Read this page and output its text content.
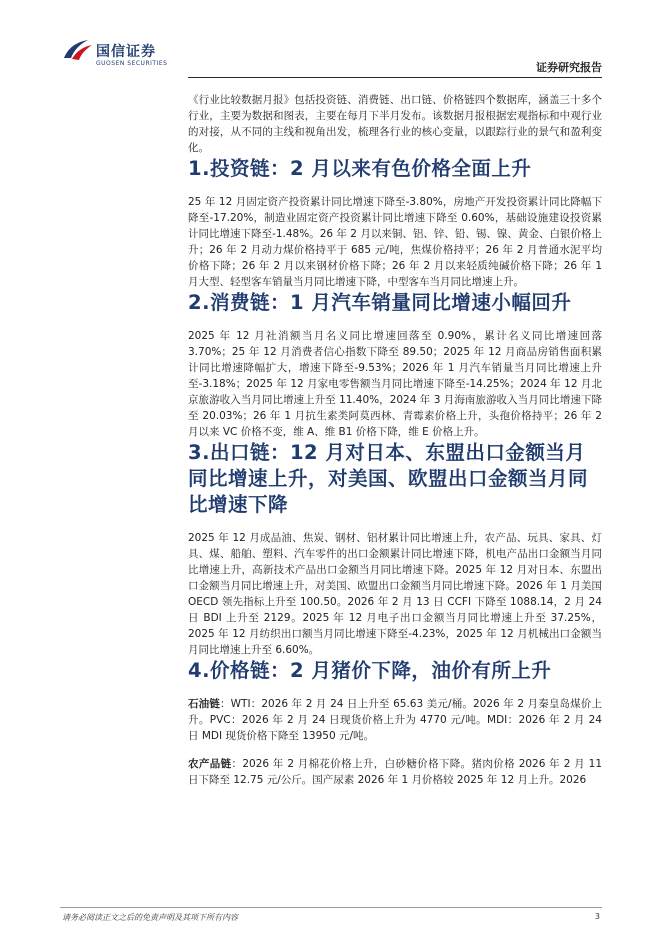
国信证券
GUOSEN SECURITIES	证券研究报告

《行业比较数据月报》包括投资链、消费链、出口链、价格链四个数据库，涵盖三十多个行业，主要为数据和图表，主要在每月下半月发布。该数据月报根据宏观指标和中观行业的对接，从不同的主线和视角出发，梳理各行业的核心变量，以跟踪行业的景气和盈利变化。

1.投资链：2 月以来有色价格全面上升

25 年 12 月固定资产投资累计同比增速下降至-3.80%，房地产开发投资累计同比降幅下降至-17.20%，制造业固定资产投资累计同比增速下降至 0.60%，基础设施建设投资累计同比增速下降至-1.48%。26 年 2 月以来铜、铝、锌、铅、锡、镍、黄金、白银价格上升；26 年 2 月动力煤价格持平于 685 元/吨，焦煤价格持平；26 年 2 月普通水泥平均价格下降；26 年 2 月以来钢材价格下降；26 年 2 月以来轻质纯碱价格下降；26 年 1 月大型、轻型客车销量当月同比增速下降，中型客车当月同比增速上升。

2.消费链：1 月汽车销量同比增速小幅回升

2025 年 12 月社消额当月名义同比增速回落至 0.90%，累计名义同比增速回落 3.70%；25 年 12 月消费者信心指数下降至 89.50；2025 年 12 月商品房销售面积累计同比增速降幅扩大，增速下降至-9.53%；2026 年 1 月汽车销量当月同比增速上升至-3.18%；2025 年 12 月家电零售额当月同比增速下降至-14.25%；2024 年 12 月北京旅游收入当月同比增速上升至 11.40%，2024 年 3 月海南旅游收入当月同比增速下降至 20.03%；26 年 1 月抗生素类阿莫西林、青霉素价格上升，头孢价格持平；26 年 2 月以来 VC 价格不变，维 A、维 B1 价格下降，维 E 价格上升。

3.出口链：12 月对日本、东盟出口金额当月同比增速上升，对美国、欧盟出口金额当月同比增速下降

2025 年 12 月成品油、焦炭、钢材、铝材累计同比增速上升，农产品、玩具、家具、灯具、煤、船舶、塑料、汽车零件的出口金额累计同比增速下降，机电产品出口金额当月同比增速上升，高新技术产品出口金额当月同比增速下降。2025 年 12 月对日本、东盟出口金额当月同比增速上升，对美国、欧盟出口金额当月同比增速下降。2026 年 1 月美国 OECD 领先指标上升至 100.50。2026 年 2 月 13 日 CCFI 下降至 1088.14，2 月 24 日 BDI 上升至 2129。2025 年 12 月电子出口金额当月同比增速上升至 37.25%，2025 年 12 月纺织出口额当月同比增速下降至-4.23%，2025 年 12 月机械出口金额当月同比增速上升至 6.60%。

4.价格链：2 月猪价下降，油价有所上升

石油链：WTI：2026 年 2 月 24 日上升至 65.63 美元/桶。2026 年 2 月秦皇岛煤价上升。PVC：2026 年 2 月 24 日现货价格上升为 4770 元/吨。MDI：2026 年 2 月 24 日 MDI 现货价格下降至 13950 元/吨。

农产品链：2026 年 2 月棉花价格上升，白砂糖价格下降。猪肉价格 2026 年 2 月 11 日下降至 12.75 元/公斤。国产尿素 2026 年 1 月价格较 2025 年 12 月上升。2026

请务必阅读正文之后的免责声明及其项下所有内容	3
